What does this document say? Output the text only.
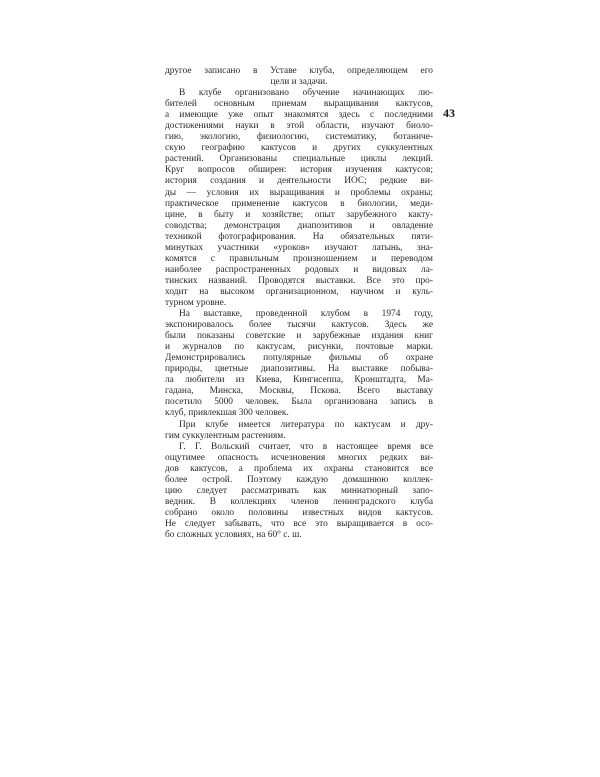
43
другое записано в Уставе клуба, определяющем его
цели и задачи.
В клубе организовано обучение начинающих лю-
бителей основным приемам выращивания кактусов,
а имеющие уже опыт знакомятся здесь с последними
достижениями науки в этой области, изучают биоло-
гию, экологию, физиологию, систематику, ботаниче-
скую географию кактусов и других суккулентных
растений. Организованы специальные циклы лекций.
Круг вопросов обширен: история изучения кактусов;
история создания и деятельности ИОС; редкие ви-
ды — условия их выращивания и проблемы охраны;
практическое применение кактусов в биологии, меди-
цине, в быту и хозяйстве; опыт зарубежного какту-
соводства; демонстрация диапозитивов и овладение
техникой фотографирования. На обязательных пяти-
минутках участники «уроков» изучают латынь, зна-
комятся с правильным произношением и переводом
наиболее распространенных родовых и видовых ла-
тинских названий. Проводятся выставки. Все это про-
ходит на высоком организационном, научном и куль-
турном уровне.
На выставке, проведенной клубом в 1974 году,
экспонировалось более тысячи кактусов. Здесь же
были показаны советские и зарубежные издания книг
и журналов по кактусам, рисунки, почтовые марки.
Демонстрировались популярные фильмы об охране
природы, цветные диапозитивы. На выставке побыва-
ла любители из Киева, Кингисеппа, Кронштадта, Ма-
гадана, Минска, Москвы, Пскова. Всего выставку
посетило 5000 человек. Была организована запись в
клуб, привлекшая 300 человек.
При клубе имеется литература по кактусам и дру-
гим суккулентным растениям.
Г. Г. Вольский считает, что в настоящее время все
ощутимее опасность исчезновения многих редких ви-
дов кактусов, а проблема их охраны становится все
более острой. Поэтому каждую домашнюю коллек-
цию следует рассматривать как миниатюрный запо-
ведник. В коллекциях членов ленинградского клуба
собрано около половины известных видов кактусов.
Не следует забывать, что все это выращивается в осо-
бо сложных условиях, на 60° с. ш.
